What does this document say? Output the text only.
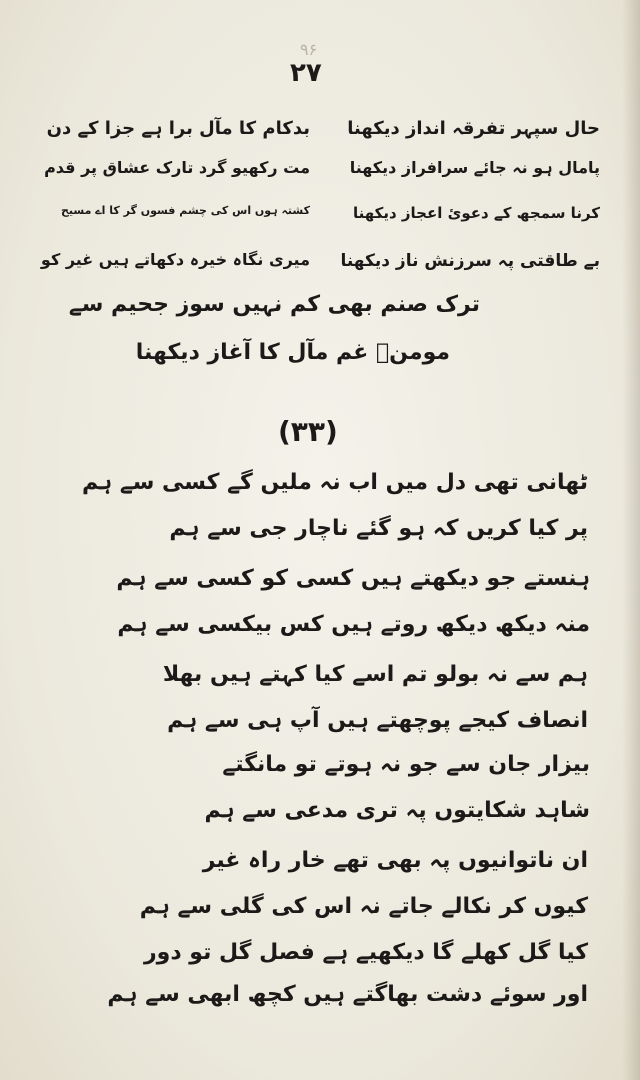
۹۶
۲۷
بدکام کا مآل برا ہے جزا کے دن حال سپہر تفرقہ انداز دیکھنا
مت رکھیو گرد تارک عشاق پر قدم پامال ہو نہ جائے سرافراز دیکھنا
کشتہ ہوں اس کی چشم فسوں گر کا اے مسیح	کرنا سمجھ کے دعوئ اعجاز دیکھنا
میری نگاہ خیرہ دکھاتے ہیں غیر کو بے طاقتی پہ سرزنش ناز دیکھنا
ترک صنم بھی کم نہیں سوز جحیم سے
مومنؔ غم مآل کا آغاز دیکھنا
(۳۳)
ٹھانی تھی دل میں اب نہ ملیں گے کسی سے ہم
پر کیا کریں کہ ہو گئے ناچار جی سے ہم
ہنستے جو دیکھتے ہیں کسی کو کسی سے ہم
منہ دیکھ دیکھ روتے ہیں کس بیکسی سے ہم
ہم سے نہ بولو تم اسے کیا کہتے ہیں بھلا
انصاف کیجے پوچھتے ہیں آپ ہی سے ہم
بیزار جان سے جو نہ ہوتے تو مانگتے
شاہد شکایتوں پہ تری مدعی سے ہم
ان ناتوانیوں پہ بھی تھے خار راہ غیر
کیوں کر نکالے جاتے نہ اس کی گلی سے ہم
کیا گل کھلے گا دیکھیے ہے فصل گل تو دور
اور سوئے دشت بھاگتے ہیں کچھ ابھی سے ہم
